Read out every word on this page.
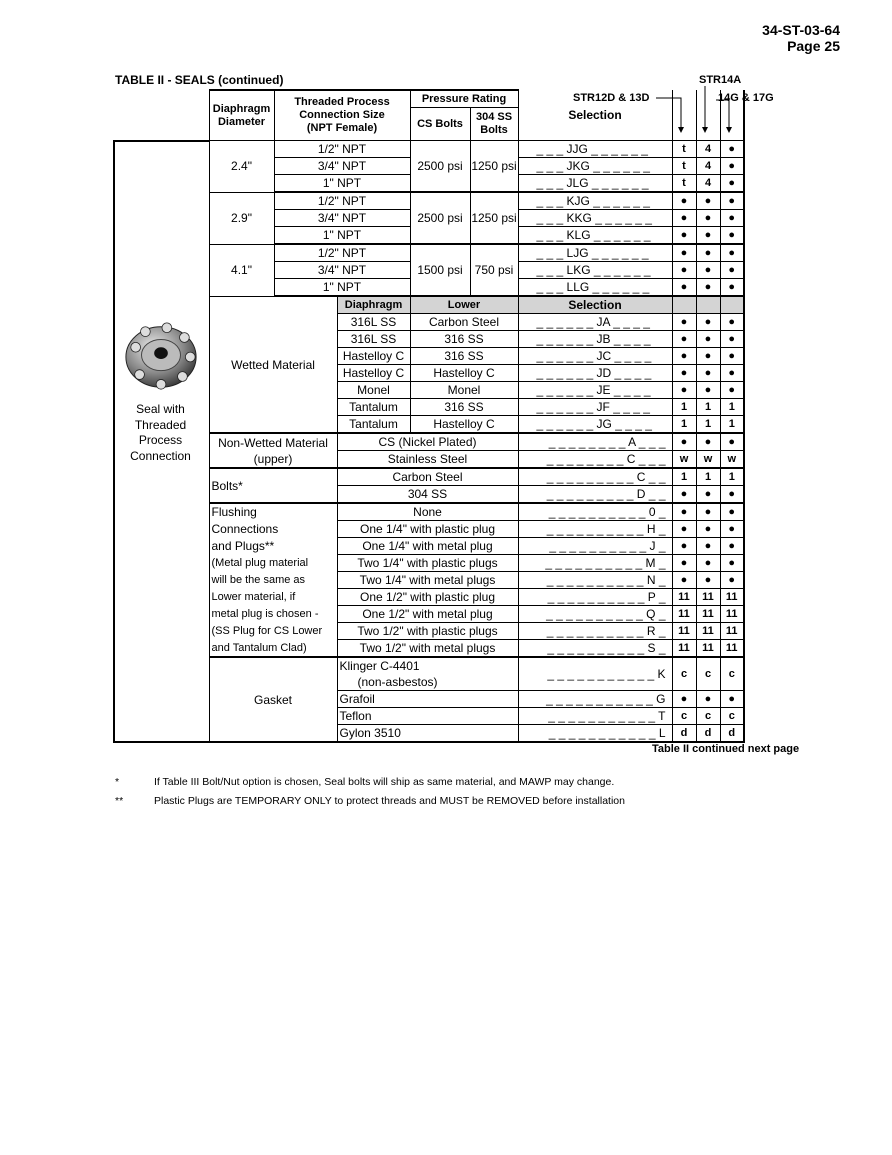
34-ST-03-64
Page 25
TABLE II - SEALS (continued)	STR14A
STR12D & 13D	14G & 17G
	Diaphragm Diameter	Threaded Process Connection Size (NPT Female)		Pressure Rating		Selection			
				CS Bolts	304 SS Bolts				
	2.4"	1/2" NPT		2500 psi	1250 psi	_ _ _ JJG _ _ _ _ _ _	t	4	●
		3/4" NPT				_ _ _ JKG _ _ _ _ _ _	t	4	●
		1" NPT				_ _ _ JLG _ _ _ _ _ _	t	4	●
	2.9"	1/2" NPT		2500 psi	1250 psi	_ _ _ KJG _ _ _ _ _ _	●	●	●
		3/4" NPT				_ _ _ KKG _ _ _ _ _ _	●	●	●
		1" NPT				_ _ _ KLG _ _ _ _ _ _	●	●	●
	4.1"	1/2" NPT		1500 psi	750 psi	_ _ _ LJG _ _ _ _ _ _	●	●	●
		3/4" NPT				_ _ _ LKG _ _ _ _ _ _	●	●	●
		1" NPT				_ _ _ LLG _ _ _ _ _ _	●	●	●
	Wetted Material		Diaphragm	Lower		Selection			
			316L SS	Carbon Steel		_ _ _ _ _ _ JA _ _ _ _	●	●	●
			316L SS	316 SS		_ _ _ _ _ _ JB _ _ _ _	●	●	●
			Hastelloy C	316 SS		_ _ _ _ _ _ JC _ _ _ _	●	●	●
			Hastelloy C	Hastelloy C		_ _ _ _ _ _ JD _ _ _ _	●	●	●
			Monel	Monel		_ _ _ _ _ _ JE _ _ _ _	●	●	●
			Tantalum	316 SS		_ _ _ _ _ _ JF _ _ _ _	1	1	1
			Tantalum	Hastelloy C		_ _ _ _ _ _ JG _ _ _ _	1	1	1
	Non-Wetted Material (upper)		CS (Nickel Plated)			_ _ _ _ _ _ _ _ A _ _ _	●	●	●
			Stainless Steel			_ _ _ _ _ _ _ _ C _ _ _	w	w	w
	Bolts*		Carbon Steel			_ _ _ _ _ _ _ _ _ C _ _	1	1	1
			304 SS			_ _ _ _ _ _ _ _ _ D _ _	●	●	●
	Flushing		None			_ _ _ _ _ _ _ _ _ _ 0 _	●	●	●
	Connections		One 1/4" with plastic plug			_ _ _ _ _ _ _ _ _ _ H _	●	●	●
	and Plugs**		One 1/4" with metal plug			_ _ _ _ _ _ _ _ _ _ J _	●	●	●
	(Metal plug material		Two 1/4" with plastic plugs			_ _ _ _ _ _ _ _ _ _ M _	●	●	●
	will be the same as		Two 1/4" with metal plugs			_ _ _ _ _ _ _ _ _ _ N _	●	●	●
	Lower material, if		One 1/2" with plastic plug			_ _ _ _ _ _ _ _ _ _ P _	11	11	11
	metal plug is chosen -		One 1/2" with metal plug			_ _ _ _ _ _ _ _ _ _ Q _	11	11	11
	(SS Plug for CS Lower		Two 1/2" with plastic plugs			_ _ _ _ _ _ _ _ _ _ R _	11	11	11
	and Tantalum Clad)		Two 1/2" with metal plugs			_ _ _ _ _ _ _ _ _ _ S _	11	11	11
	Gasket		Klinger C-4401			_ _ _ _ _ _ _ _ _ _ _ K	c	c	c
			(non-asbestos)						
			Grafoil			_ _ _ _ _ _ _ _ _ _ _ G	●	●	●
			Teflon			_ _ _ _ _ _ _ _ _ _ _ T	c	c	c
			Gylon 3510			_ _ _ _ _ _ _ _ _ _ _ L	d	d	d
Seal with Threaded Process Connection
Table II continued next page
*	If Table III Bolt/Nut option is chosen, Seal bolts will ship as same material, and MAWP may change.
**	Plastic Plugs are TEMPORARY ONLY to protect threads and MUST be REMOVED before installation
